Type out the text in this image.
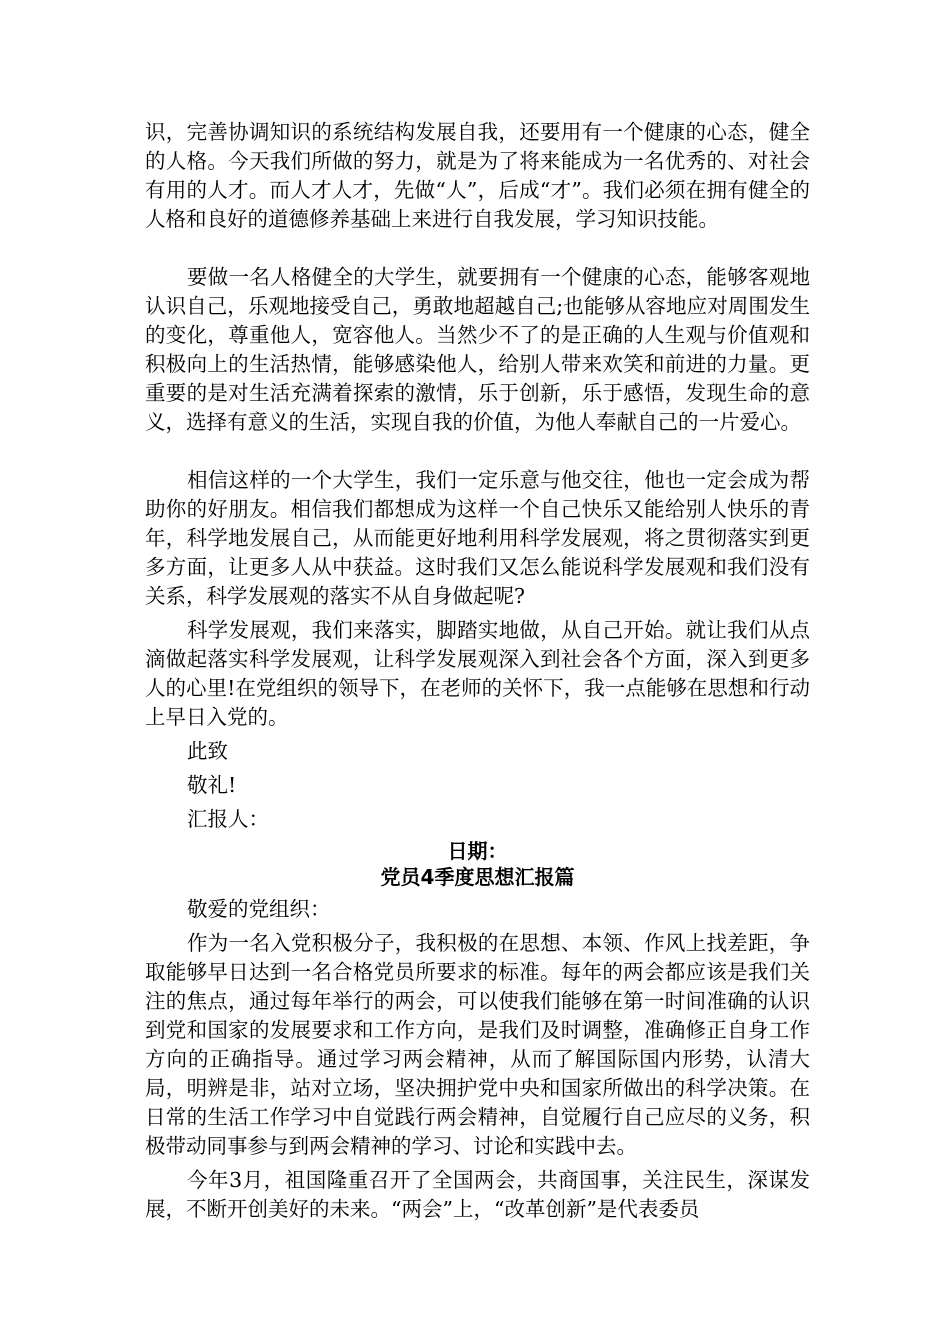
识，完善协调知识的系统结构发展自我，还要用有一个健康的心态，健全的人格。今天我们所做的努力，就是为了将来能成为一名优秀的、对社会有用的人才。而人才人才，先做“人”，后成“才”。我们必须在拥有健全的人格和良好的道德修养基础上来进行自我发展，学习知识技能。

要做一名人格健全的大学生，就要拥有一个健康的心态，能够客观地认识自己，乐观地接受自己，勇敢地超越自己;也能够从容地应对周围发生的变化，尊重他人，宽容他人。当然少不了的是正确的人生观与价值观和积极向上的生活热情，能够感染他人，给别人带来欢笑和前进的力量。更重要的是对生活充满着探索的激情，乐于创新，乐于感悟，发现生命的意义，选择有意义的生活，实现自我的价值，为他人奉献自己的一片爱心。

相信这样的一个大学生，我们一定乐意与他交往，他也一定会成为帮助你的好朋友。相信我们都想成为这样一个自己快乐又能给别人快乐的青年，科学地发展自己，从而能更好地利用科学发展观，将之贯彻落实到更多方面，让更多人从中获益。这时我们又怎么能说科学发展观和我们没有关系，科学发展观的落实不从自身做起呢?

科学发展观，我们来落实，脚踏实地做，从自己开始。就让我们从点滴做起落实科学发展观，让科学发展观深入到社会各个方面，深入到更多人的心里!在党组织的领导下，在老师的关怀下，我一点能够在思想和行动上早日入党的。

此致

敬礼!

汇报人：

日期：

党员4季度思想汇报篇

敬爱的党组织：

作为一名入党积极分子，我积极的在思想、本领、作风上找差距，争取能够早日达到一名合格党员所要求的标准。每年的两会都应该是我们关注的焦点，通过每年举行的两会，可以使我们能够在第一时间准确的认识到党和国家的发展要求和工作方向，是我们及时调整，准确修正自身工作方向的正确指导。通过学习两会精神，从而了解国际国内形势，认清大局，明辨是非，站对立场，坚决拥护党中央和国家所做出的科学决策。在日常的生活工作学习中自觉践行两会精神，自觉履行自己应尽的义务，积极带动同事参与到两会精神的学习、讨论和实践中去。

今年3月，祖国隆重召开了全国两会，共商国事，关注民生，深谋发展，不断开创美好的未来。“两会”上，“改革创新”是代表委员
